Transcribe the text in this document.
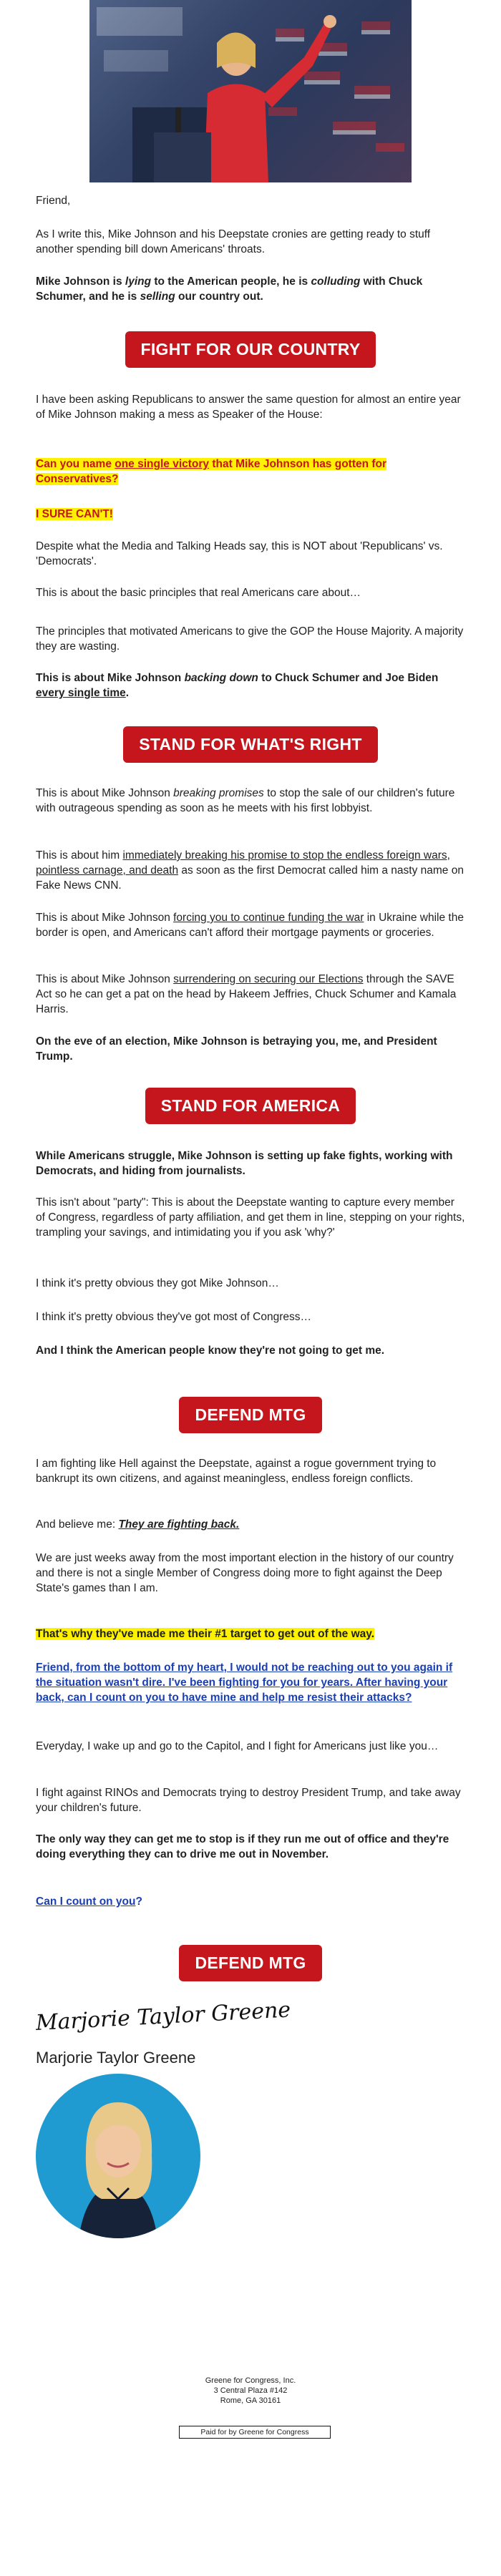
Friend,

As I write this, Mike Johnson and his Deepstate cronies are getting ready to stuff another spending bill down Americans' throats.

Mike Johnson is lying to the American people, he is colluding with Chuck Schumer, and he is selling our country out.

FIGHT FOR OUR COUNTRY

I have been asking Republicans to answer the same question for almost an entire year of Mike Johnson making a mess as Speaker of the House:

Can you name one single victory that Mike Johnson has gotten for Conservatives?

I SURE CAN'T!

Despite what the Media and Talking Heads say, this is NOT about 'Republicans' vs. 'Democrats'.

This is about the basic principles that real Americans care about…

The principles that motivated Americans to give the GOP the House Majority. A majority they are wasting.

This is about Mike Johnson backing down to Chuck Schumer and Joe Biden every single time.

STAND FOR WHAT'S RIGHT

This is about Mike Johnson breaking promises to stop the sale of our children's future with outrageous spending as soon as he meets with his first lobbyist.

This is about him immediately breaking his promise to stop the endless foreign wars, pointless carnage, and death as soon as the first Democrat called him a nasty name on Fake News CNN.

This is about Mike Johnson forcing you to continue funding the war in Ukraine while the border is open, and Americans can't afford their mortgage payments or groceries.

This is about Mike Johnson surrendering on securing our Elections through the SAVE Act so he can get a pat on the head by Hakeem Jeffries, Chuck Schumer and Kamala Harris.

On the eve of an election, Mike Johnson is betraying you, me, and President Trump.

STAND FOR AMERICA

While Americans struggle, Mike Johnson is setting up fake fights, working with Democrats, and hiding from journalists.

This isn't about "party": This is about the Deepstate wanting to capture every member of Congress, regardless of party affiliation, and get them in line, stepping on your rights, trampling your savings, and intimidating you if you ask 'why?'

I think it's pretty obvious they got Mike Johnson…

I think it's pretty obvious they've got most of Congress…

And I think the American people know they're not going to get me.

DEFEND MTG

I am fighting like Hell against the Deepstate, against a rogue government trying to bankrupt its own citizens, and against meaningless, endless foreign conflicts.

And believe me: They are fighting back.

We are just weeks away from the most important election in the history of our country and there is not a single Member of Congress doing more to fight against the Deep State's games than I am.

That's why they've made me their #1 target to get out of the way.

Friend, from the bottom of my heart, I would not be reaching out to you again if the situation wasn't dire. I've been fighting for you for years. After having your back, can I count on you to have mine and help me resist their attacks?

Everyday, I wake up and go to the Capitol, and I fight for Americans just like you…

I fight against RINOs and Democrats trying to destroy President Trump, and take away your children's future.

The only way they can get me to stop is if they run me out of office and they're doing everything they can to drive me out in November.

Can I count on you?

DEFEND MTG
Marjorie Taylor Greene

Marjorie Taylor Greene

Greene for Congress, Inc.
3 Central Plaza #142
Rome, GA 30161
Paid for by Greene for Congress
